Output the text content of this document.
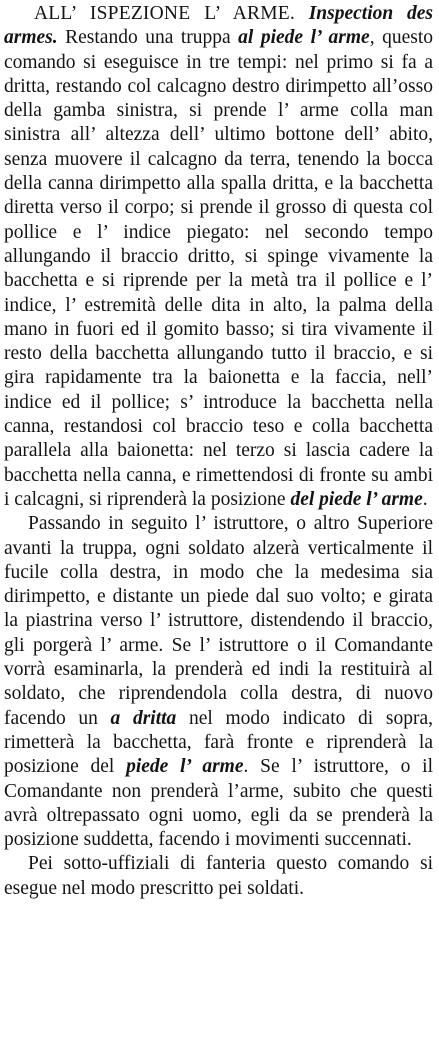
ALL’ ISPEZIONE L’ ARME. Inspection des armes. Restando una truppa al piede l’ arme, questo comando si eseguisce in tre tempi: nel primo si fa a dritta, restando col calcagno destro dirimpetto all’osso della gamba sinistra, si prende l’ arme colla man sinistra all’ altezza dell’ ultimo bottone dell’ abito, senza muovere il calcagno da terra, tenendo la bocca della canna dirimpetto alla spalla dritta, e la bacchetta diretta verso il corpo; si prende il grosso di questa col pollice e l’ indice piegato: nel secondo tempo allungando il braccio dritto, si spinge vivamente la bacchetta e si riprende per la metà tra il pollice e l’ indice, l’ estremità delle dita in alto, la palma della mano in fuori ed il gomito basso; si tira vivamente il resto della bacchetta allungando tutto il braccio, e si gira rapidamente tra la baionetta e la faccia, nell’ indice ed il pollice; s’ introduce la bacchetta nella canna, restandosi col braccio teso e colla bacchetta parallela alla baionetta: nel terzo si lascia cadere la bacchetta nella canna, e rimettendosi di fronte su ambi i calcagni, si riprenderà la posizione del piede l’ arme.

Passando in seguito l’ istruttore, o altro Superiore avanti la truppa, ogni soldato alzerà verticalmente il fucile colla destra, in modo che la medesima sia dirimpetto, e distante un piede dal suo volto; e girata la piastrina verso l’ istruttore, distendendo il braccio, gli porgerà l’ arme. Se l’ istruttore o il Comandante vorrà esaminarla, la prenderà ed indi la restituirà al soldato, che riprendendola colla destra, di nuovo facendo un a dritta nel modo indicato di sopra, rimetterà la bacchetta, farà fronte e riprenderà la posizione del piede l’ arme. Se l’ istruttore, o il Comandante non prenderà l’arme, subito che questi avrà oltrepassato ogni uomo, egli da se prenderà la posizione suddetta, facendo i movimenti succennati.

Pei sotto-uffiziali di fanteria questo comando si esegue nel modo prescritto pei soldati.
